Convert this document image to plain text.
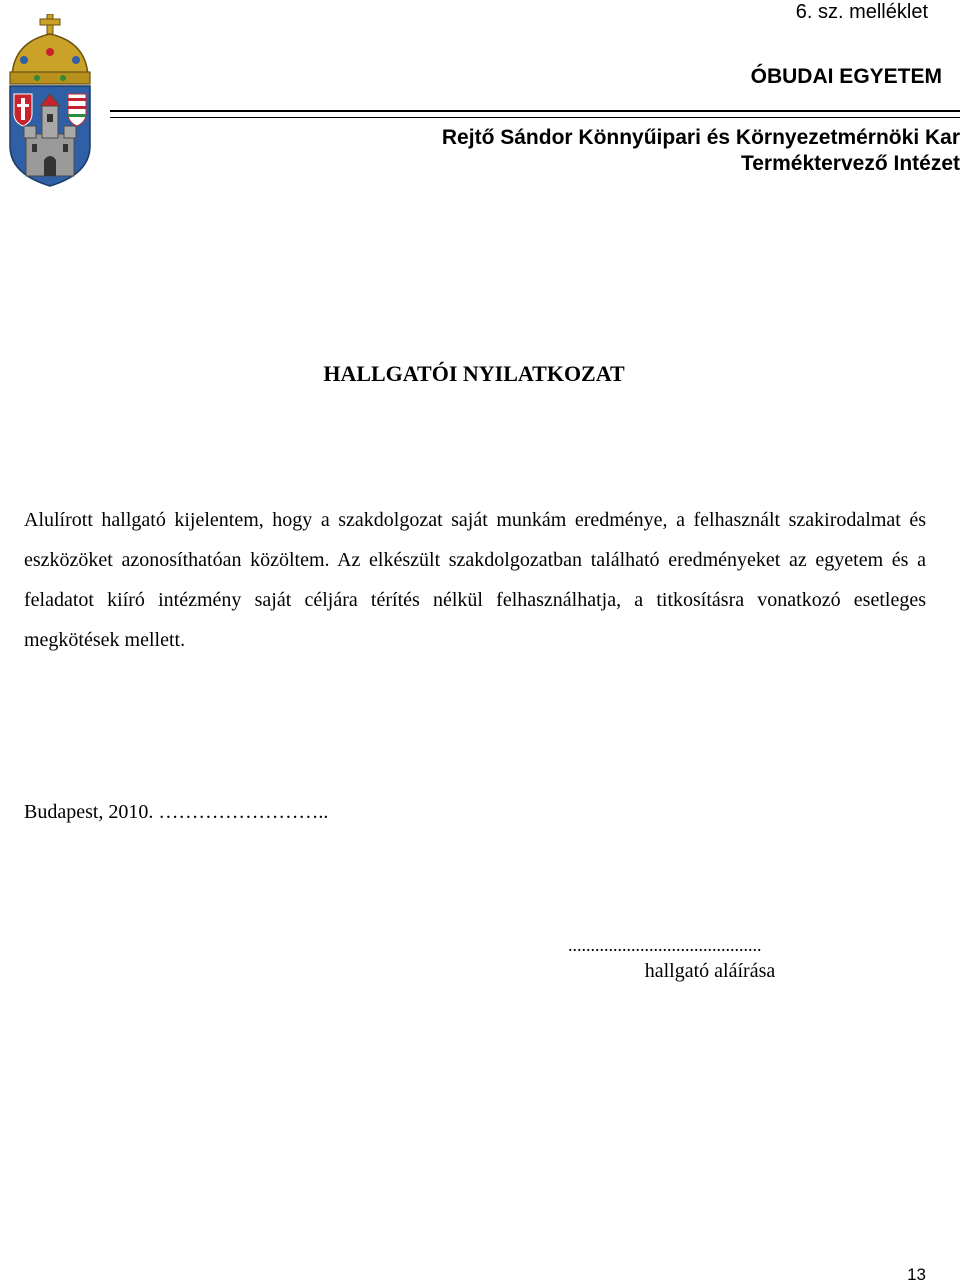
6. sz. melléklet
ÓBUDAI EGYETEM
Rejtő Sándor Könnyűipari és Környezetmérnöki Kar
Terméktervező Intézet
HALLGATÓI NYILATKOZAT
Alulírott hallgató kijelentem, hogy a szakdolgozat saját munkám eredménye, a felhasznált szakirodalmat és eszközöket azonosíthatóan közöltem. Az elkészült szakdolgozatban található eredményeket az egyetem és a feladatot kiíró intézmény saját céljára térítés nélkül felhasználhatja, a titkosításra vonatkozó esetleges megkötések mellett.
Budapest, 2010. ……………………..
...........................................
hallgató aláírása
13
